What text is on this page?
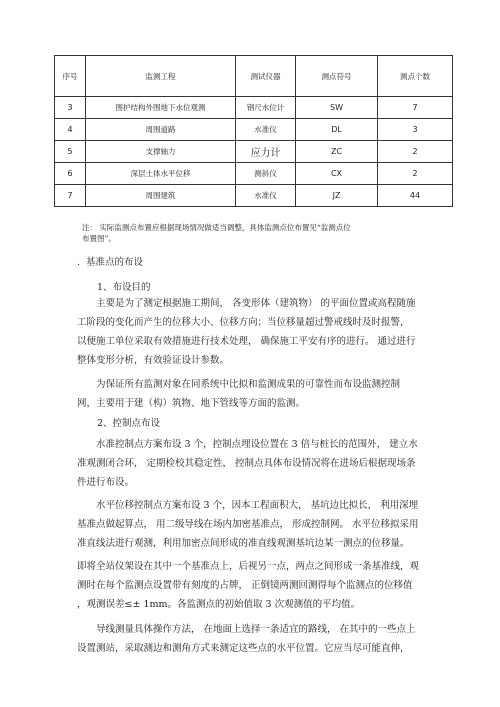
序号	监测工程	测试仪器	测点符号	测点个数
3	围护结构外围地下水位观测	钢尺水位计	SW	7
4	周围道路	水准仪	DL	3
5	支撑轴力	应力计	ZC	2
6	深层土体水平位移	测斜仪	CX	2
7	周围建筑	水准仪	JZ	44
注： 实际监测点布置应根据现场情况做适当调整，具体监测点位布置见“监测点位
布置图”。
. 基准点的布设
1、布设目的
主要是为了测定根据施工期间， 各变形体（建筑物） 的平面位置或高程随施
工阶段的变化而产生的位移大小、位移方向；当位移量超过警戒线时及时报警，
以便施工单位采取有效措施进行技术处理， 确保施工平安有序的进行。 通过进行
整体变形分析，有效验证设计参数。
为保证所有监测对象在同系统中比拟和监测成果的可靠性而布设监测控制
网，主要用于建（构）筑物、地下管线等方面的监测。
2、控制点布设
水准控制点方案布设 3 个，控制点埋设位置在 3 倍与桩长的范围外， 建立水
准观测闭合环， 定期检校其稳定性， 控制点具体布设情况将在进场后根据现场条
件进行布设。
水平位移控制点方案布设 3 个，因本工程面积大， 基坑边比拟长， 利用深埋
基准点做起算点， 用二级导线在场内加密基准点， 形成控制网。 水平位移拟采用
准直线法进行观测，利用加密点间形成的准直线观测基坑边某一测点的位移量。
即将全站仪架设在其中一个基准点上，后视另一点，两点之间形成一条基准线，观
测时在每个监测点设置带有刻度的占牌， 正倒镜两测回测得每个监测点的位移值
，观测误差≤± 1mm。各监测点的初始值取 3 次观测值的平均值。
导线测量具体操作方法， 在地面上选择一条适宜的路线， 在其中的一些点上
设置测站，采取测边和测角方式来测定这些点的水平位置。它应当尽可能直伸，
